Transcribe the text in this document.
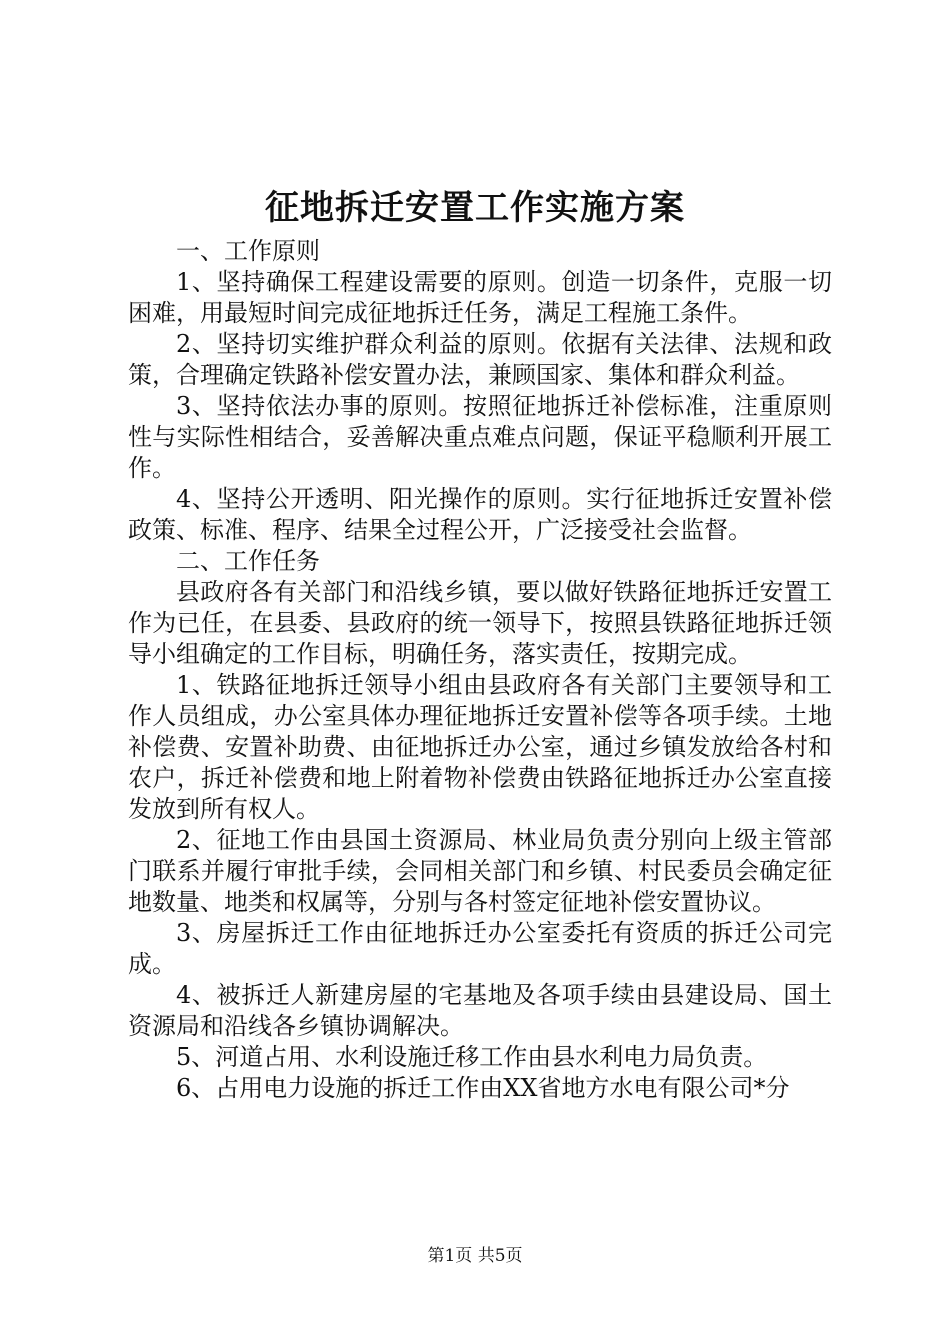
征地拆迁安置工作实施方案

一、工作原则

1、坚持确保工程建设需要的原则。创造一切条件，克服一切困难，用最短时间完成征地拆迁任务，满足工程施工条件。

2、坚持切实维护群众利益的原则。依据有关法律、法规和政策，合理确定铁路补偿安置办法，兼顾国家、集体和群众利益。

3、坚持依法办事的原则。按照征地拆迁补偿标准，注重原则性与实际性相结合，妥善解决重点难点问题，保证平稳顺利开展工作。

4、坚持公开透明、阳光操作的原则。实行征地拆迁安置补偿政策、标准、程序、结果全过程公开，广泛接受社会监督。

二、工作任务

县政府各有关部门和沿线乡镇，要以做好铁路征地拆迁安置工作为已任，在县委、县政府的统一领导下，按照县铁路征地拆迁领导小组确定的工作目标，明确任务，落实责任，按期完成。

1、铁路征地拆迁领导小组由县政府各有关部门主要领导和工作人员组成，办公室具体办理征地拆迁安置补偿等各项手续。土地补偿费、安置补助费、由征地拆迁办公室，通过乡镇发放给各村和农户，拆迁补偿费和地上附着物补偿费由铁路征地拆迁办公室直接发放到所有权人。

2、征地工作由县国土资源局、林业局负责分别向上级主管部门联系并履行审批手续，会同相关部门和乡镇、村民委员会确定征地数量、地类和权属等，分别与各村签定征地补偿安置协议。

3、房屋拆迁工作由征地拆迁办公室委托有资质的拆迁公司完成。

4、被拆迁人新建房屋的宅基地及各项手续由县建设局、国土资源局和沿线各乡镇协调解决。

5、河道占用、水利设施迁移工作由县水利电力局负责。

6、占用电力设施的拆迁工作由XX省地方水电有限公司*分

第1页 共5页
